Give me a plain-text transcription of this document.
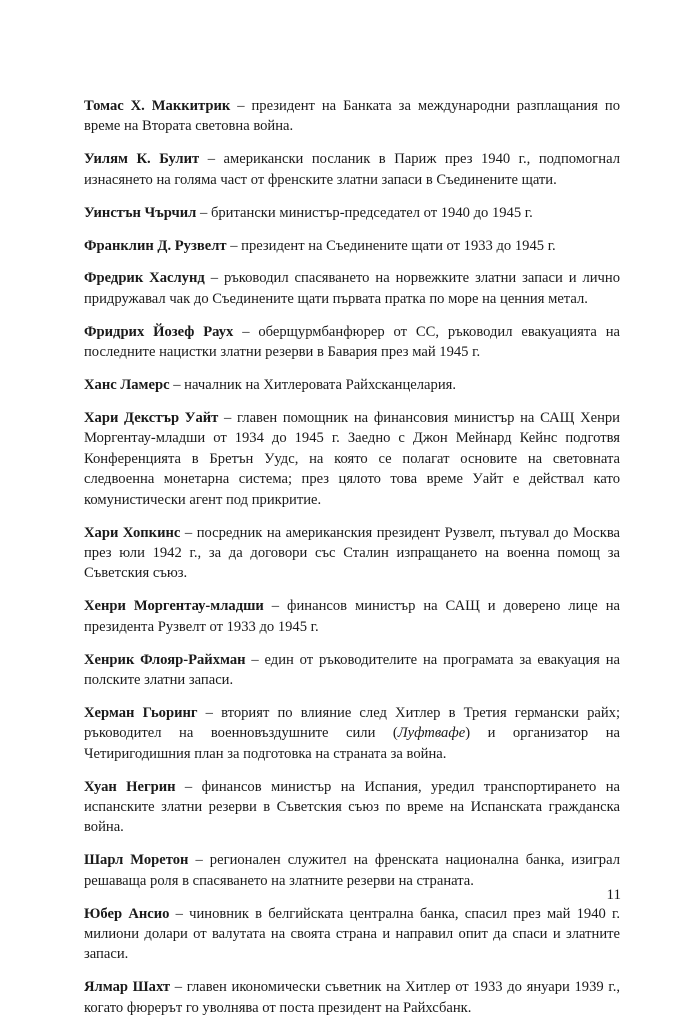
Томас Х. Маккитрик – президент на Банката за международни разплащания по време на Втората световна война.

Уилям К. Булит – американски посланик в Париж през 1940 г., подпомогнал изнасянето на голяма част от френските златни запаси в Съединените щати.

Уинстън Чърчил – британски министър-председател от 1940 до 1945 г.

Франклин Д. Рузвелт – президент на Съединените щати от 1933 до 1945 г.

Фредрик Хаслунд – ръководил спасяването на норвежките златни запаси и лично придружавал чак до Съединените щати първата пратка по море на ценния метал.

Фридрих Йозеф Раух – оберщурмбанфюрер от СС, ръководил евакуацията на последните нацистки златни резерви в Бавария през май 1945 г.

Ханс Ламерс – началник на Хитлеровата Райхсканцелария.

Хари Декстър Уайт – главен помощник на финансовия министър на САЩ Хенри Моргентау-младши от 1934 до 1945 г. Заедно с Джон Мейнард Кейнс подготвя Конференцията в Бретън Уудс, на която се полагат основите на световната следвоенна монетарна система; през цялото това време Уайт е действал като комунистически агент под прикритие.

Хари Хопкинс – посредник на американския президент Рузвелт, пътувал до Москва през юли 1942 г., за да договори със Сталин изпращането на военна помощ за Съветския съюз.

Хенри Моргентау-младши – финансов министър на САЩ и доверено лице на президента Рузвелт от 1933 до 1945 г.

Хенрик Флояр-Райхман – един от ръководителите на програмата за евакуация на полските златни запаси.

Херман Гьоринг – вторият по влияние след Хитлер в Третия германски райх; ръководител на военновъздушните сили (Луфтвафе) и организатор на Четиригодишния план за подготовка на страната за война.

Хуан Негрин – финансов министър на Испания, уредил транспортирането на испанските златни резерви в Съветския съюз по време на Испанската гражданска война.

Шарл Моретон – регионален служител на френската национална банка, изиграл решаваща роля в спасяването на златните резерви на страната.

Юбер Ансио – чиновник в белгийската централна банка, спасил през май 1940 г. милиони долари от валутата на своята страна и направил опит да спаси и златните запаси.

Ялмар Шахт – главен икономически съветник на Хитлер от 1933 до януари 1939 г., когато фюрерът го уволнява от поста президент на Райхсбанк.

11
